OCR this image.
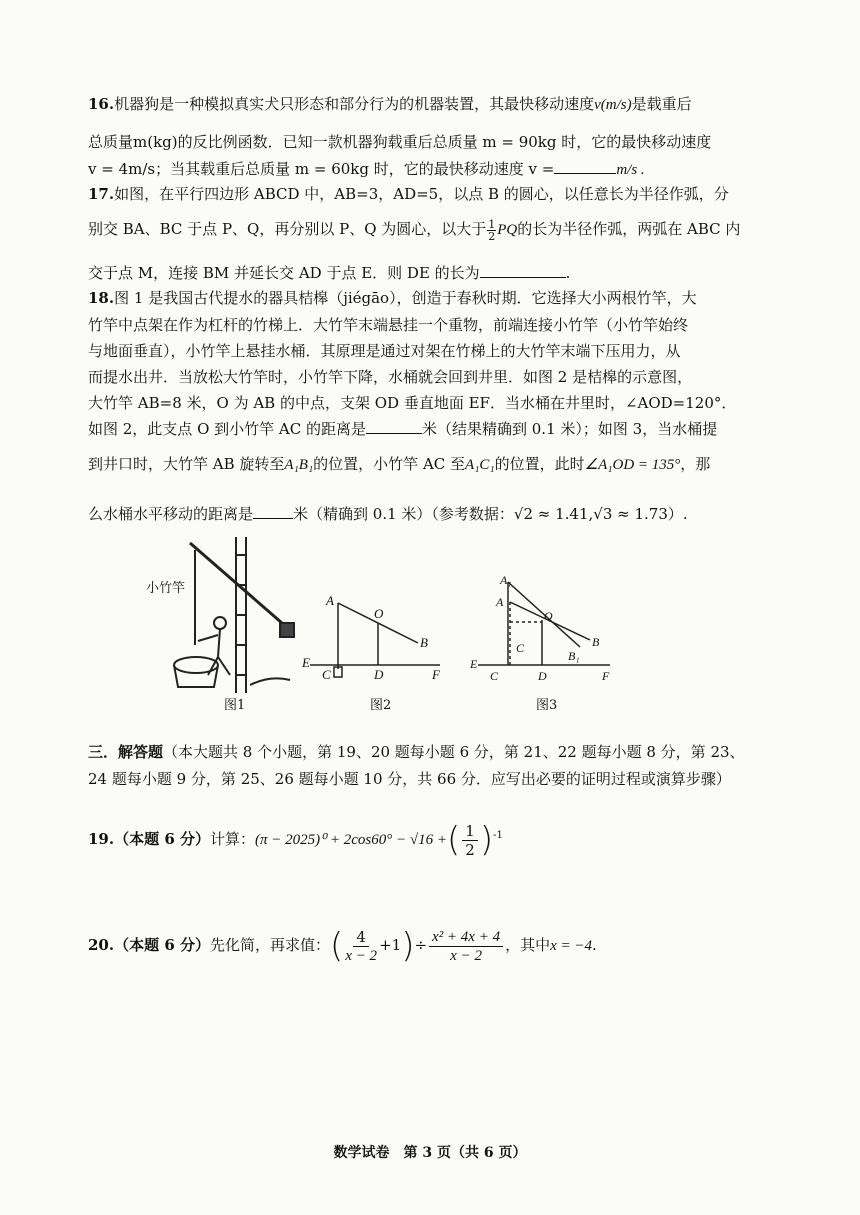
16.机器狗是一种模拟真实犬只形态和部分行为的机器装置，其最快移动速度v(m/s)是载重后
总质量m(kg)的反比例函数．已知一款机器狗载重后总质量 m = 90kg 时，它的最快移动速度
v = 4m/s；当其载重后总质量 m = 60kg 时，它的最快移动速度 v =	m/s .
17.如图，在平行四边形 ABCD 中，AB=3，AD=5，以点 B 的圆心，以任意长为半径作弧，分
别交 BA、BC 于点 P、Q，再分别以 P、Q 为圆心，以大于 $\frac{1}{2}$ PQ的长为半径作弧，两弧在 ABC 内
交于点 M，连接 BM 并延长交 AD 于点 E．则 DE 的长为	.
18.图 1 是我国古代提水的器具桔槔（jiégāo），创造于春秋时期．它选择大小两根竹竿，大
竹竿中点架在作为杠杆的竹梯上．大竹竿末端悬挂一个重物，前端连接小竹竿（小竹竿始终
与地面垂直），小竹竿上悬挂水桶．其原理是通过对架在竹梯上的大竹竿末端下压用力，从
而提水出井．当放松大竹竿时，小竹竿下降，水桶就会回到井里．如图 2 是桔槔的示意图，
大竹竿 AB=8 米，O 为 AB 的中点，支架 OD 垂直地面 EF．当水桶在井里时，∠AOD=120°．
如图 2，此支点 O 到小竹竿 AC 的距离是	米（结果精确到 0.1 米）；如图 3，当水桶提
到井口时，大竹竿 AB 旋转至A₁B₁的位置，小竹竿 AC 至A₁C₁的位置，此时∠A₁OD = 135°，那
么水桶水平移动的距离是	米（精确到 0.1 米）（参考数据：√2 ≈ 1.41,√3 ≈ 1.73）.
小竹竿
图1
A
O
B
E
C	D	F
图2
A₁
A
O
B
B₁
C
E
C	D	F
图3
三．解答题（本大题共 8 个小题，第 19、20 题每小题 6 分，第 21、22 题每小题 8 分，第 23、
24 题每小题 9 分，第 25、26 题每小题 10 分，共 66 分．应写出必要的证明过程或演算步骤）
19.（本题 6 分）计算：(π − 2025)⁰ + 2cos60° − √16 +( $\frac{1}{2} )^{-1}$
20.（本题 6 分）先化简，再求值：( $\frac{4}{x - 2} +1)\div \frac{\text{x² + 4x + 4}}{x - 2}$ ，其中x = −4.
数学试卷　第 3 页（共 6 页）
